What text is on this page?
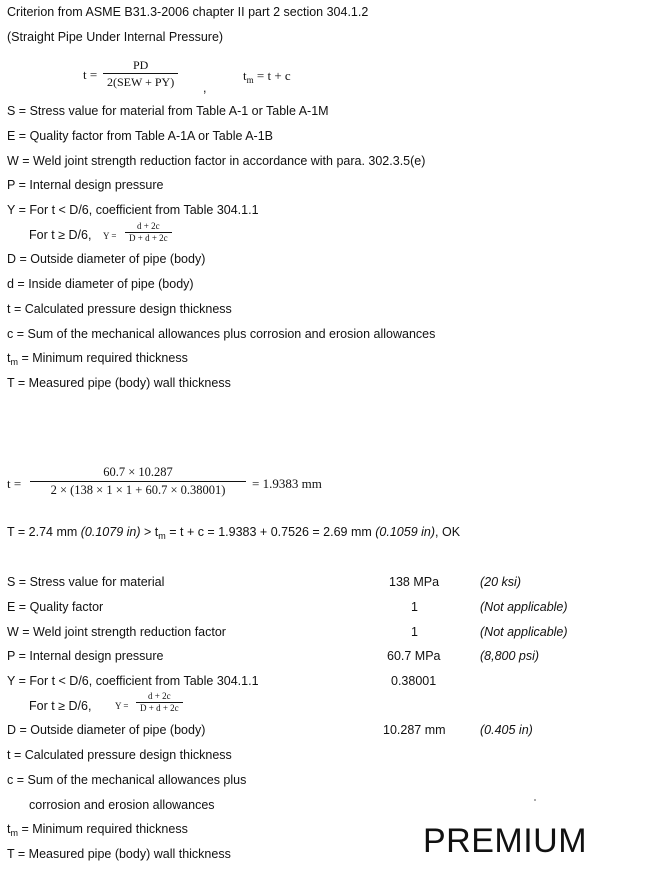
Criterion from ASME B31.3-2006 chapter II part 2 section 304.1.2
(Straight Pipe Under Internal Pressure)
t =
PD
2(SEW + PY)	,
$t_m = t + c$
S = Stress value for material from Table A-1 or Table A-1M
E = Quality factor from Table A-1A or Table A-1B
W = Weld joint strength reduction factor in accordance with para. 302.3.5(e)
P = Internal design pressure
Y = For t < D/6, coefficient from Table 304.1.1
For t ≥ D/6, Y =
d + 2c
D + d + 2c
D = Outside diameter of pipe (body)
d = Inside diameter of pipe (body)
t = Calculated pressure design thickness
c = Sum of the mechanical allowances plus corrosion and erosion allowances
$t_m$ = Minimum required thickness
T = Measured pipe (body) wall thickness
t =
60.7 × 10.287
2 × (138 × 1 × 1 + 60.7 × 0.38001)	= 1.9383 mm
T = 2.74 mm (0.1079 $in) > t_m = t + c = 1.9383 + 0.7526 = 2.69$ mm (0.1059 in), OK
S = Stress value for material	138 MPa	(20 ksi)
E = Quality factor	1	(Not applicable)
W = Weld joint strength reduction factor	1	(Not applicable)
P = Internal design pressure	60.7 MPa	(8,800 psi)
Y = For t < D/6, coefficient from Table 304.1.1	0.38001
For t ≥ D/6,	Y =
d + 2c
D + d + 2c
D = Outside diameter of pipe (body)	10.287 mm	(0.405 in)
t = Calculated pressure design thickness
c = Sum of the mechanical allowances plus
corrosion and erosion allowances
$t_m$ = Minimum required thickness
T = Measured pipe (body) wall thickness	PREMIUM
